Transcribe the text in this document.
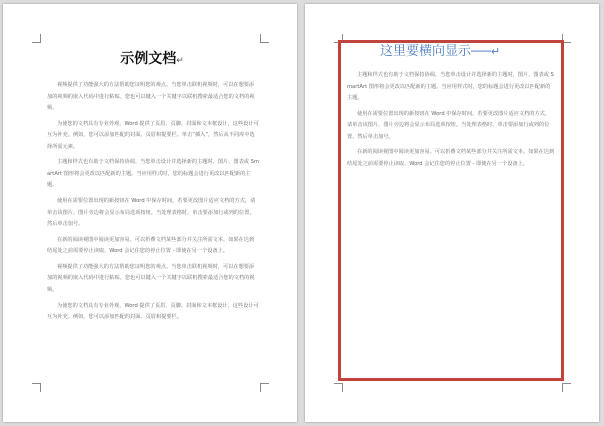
示例文档↵

视频提供了功能强大的方法帮助您证明您的观点。当您单击联机视频时，可以在想要添加的视频的嵌入代码中进行粘贴。您也可以键入一个关键字以联机搜索最适合您的文档的视频。

为使您的文档具有专业外观，Word 提供了页眉、页脚、封面和文本框设计，这些设计可互为补充。例如，您可以添加匹配的封面、页眉和提要栏。单击“插入”，然后从不同库中选择所需元素。

主题和样式也有助于文档保持协调。当您单击设计并选择新的主题时，图片、图表或 SmartArt 图形将会更改以匹配新的主题。当应用样式时，您的标题会进行更改以匹配新的主题。

使用在需要位置出现的新按钮在 Word 中保存时间。若要更改图片适应文档的方式，请单击该图片，图片旁边将会显示布局选项按钮。当处理表格时，单击要添加行或列的位置，然后单击加号。

在新的阅读视图中阅读更加容易。可以折叠文档某些部分并关注所需文本。如果在达到结尾处之前需要停止读取，Word 会记住您的停止位置 - 即使在另一个设备上。

视频提供了功能强大的方法帮助您证明您的观点。当您单击联机视频时，可以在想要添加的视频的嵌入代码中进行粘贴。您也可以键入一个关键字以联机搜索最适合您的文档的视频。

为使您的文档具有专业外观，Word 提供了页眉、页脚、封面和文本框设计，这些设计可互为补充。例如，您可以添加匹配的封面、页眉和提要栏。

这里要横向显示───↵

主题和样式也有助于文档保持协调。当您单击设计并选择新的主题时，图片、图表或 SmartArt 图形将会更改以匹配新的主题。当应用样式时，您的标题会进行更改以匹配新的主题。

使用在需要位置出现的新按钮在 Word 中保存时间。若要更改图片适应文档的方式，请单击该图片，图片旁边将会显示布局选项按钮。当处理表格时，单击要添加行或列的位置，然后单击加号。

在新的阅读视图中阅读更加容易。可以折叠文档某些部分并关注所需文本。如果在达到结尾处之前需要停止读取，Word 会记住您的停止位置 - 即使在另一个设备上。
